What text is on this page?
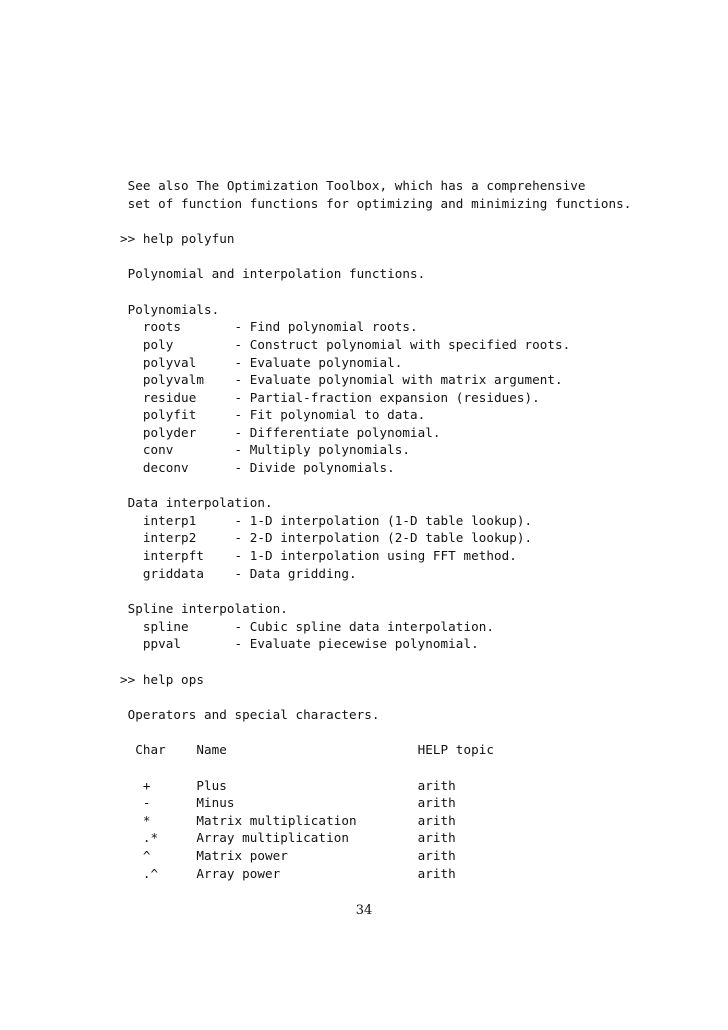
See also The Optimization Toolbox, which has a comprehensive
set of function functions for optimizing and minimizing functions.
>> help polyfun
Polynomial and interpolation functions.
Polynomials.
roots       - Find polynomial roots.
poly        - Construct polynomial with specified roots.
polyval     - Evaluate polynomial.
polyvalm    - Evaluate polynomial with matrix argument.
residue     - Partial-fraction expansion (residues).
polyfit     - Fit polynomial to data.
polyder     - Differentiate polynomial.
conv        - Multiply polynomials.
deconv      - Divide polynomials.
Data interpolation.
interp1     - 1-D interpolation (1-D table lookup).
interp2     - 2-D interpolation (2-D table lookup).
interpft    - 1-D interpolation using FFT method.
griddata    - Data gridding.
Spline interpolation.
spline      - Cubic spline data interpolation.
ppval       - Evaluate piecewise polynomial.
>> help ops
Operators and special characters.
Char    Name                         HELP topic
+      Plus                         arith
-      Minus                        arith
*      Matrix multiplication        arith
.*     Array multiplication         arith
^      Matrix power                 arith
.^     Array power                  arith
34
